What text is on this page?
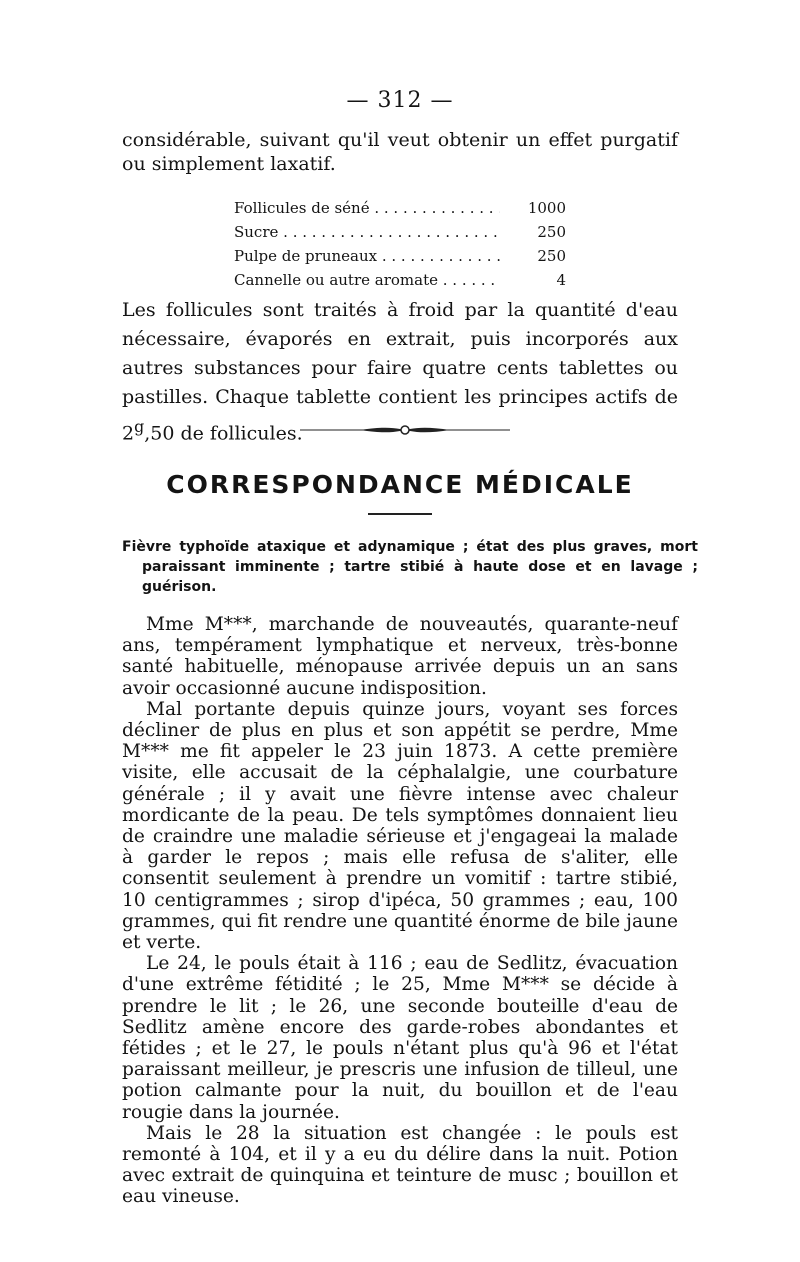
— 312 —

considérable, suivant qu'il veut obtenir un effet purgatif ou simplement laxatif.

Follicules de séné . . .	1000
Sucre . . .	250
Pulpe de pruneaux . . .	250
Cannelle ou autre aromate . . .	4

Les follicules sont traités à froid par la quantité d'eau nécessaire, évaporés en extrait, puis incorporés aux autres substances pour faire quatre cents tablettes ou pastilles. Chaque tablette contient les principes actifs de 2$^g$,50 de follicules.

CORRESPONDANCE MÉDICALE

Fièvre typhoïde ataxique et adynamique ; état des plus graves, mort paraissant imminente ; tartre stibié à haute dose et en lavage ; guérison.

Mme M***, marchande de nouveautés, quarante-neuf ans, tempérament lymphatique et nerveux, très-bonne santé habituelle, ménopause arrivée depuis un an sans avoir occasionné aucune indisposition.

Mal portante depuis quinze jours, voyant ses forces décliner de plus en plus et son appétit se perdre, Mme M*** me fit appeler le 23 juin 1873. A cette première visite, elle accusait de la céphalalgie, une courbature générale ; il y avait une fièvre intense avec chaleur mordicante de la peau. De tels symptômes donnaient lieu de craindre une maladie sérieuse et j'engageai la malade à garder le repos ; mais elle refusa de s'aliter, elle consentit seulement à prendre un vomitif : tartre stibié, 10 centigrammes ; sirop d'ipéca, 50 grammes ; eau, 100 grammes, qui fit rendre une quantité énorme de bile jaune et verte.

Le 24, le pouls était à 116 ; eau de Sedlitz, évacuation d'une extrême fétidité ; le 25, Mme M*** se décide à prendre le lit ; le 26, une seconde bouteille d'eau de Sedlitz amène encore des garde-robes abondantes et fétides ; et le 27, le pouls n'étant plus qu'à 96 et l'état paraissant meilleur, je prescris une infusion de tilleul, une potion calmante pour la nuit, du bouillon et de l'eau rougie dans la journée.

Mais le 28 la situation est changée : le pouls est remonté à 104, et il y a eu du délire dans la nuit. Potion avec extrait de quinquina et teinture de musc ; bouillon et eau vineuse.
